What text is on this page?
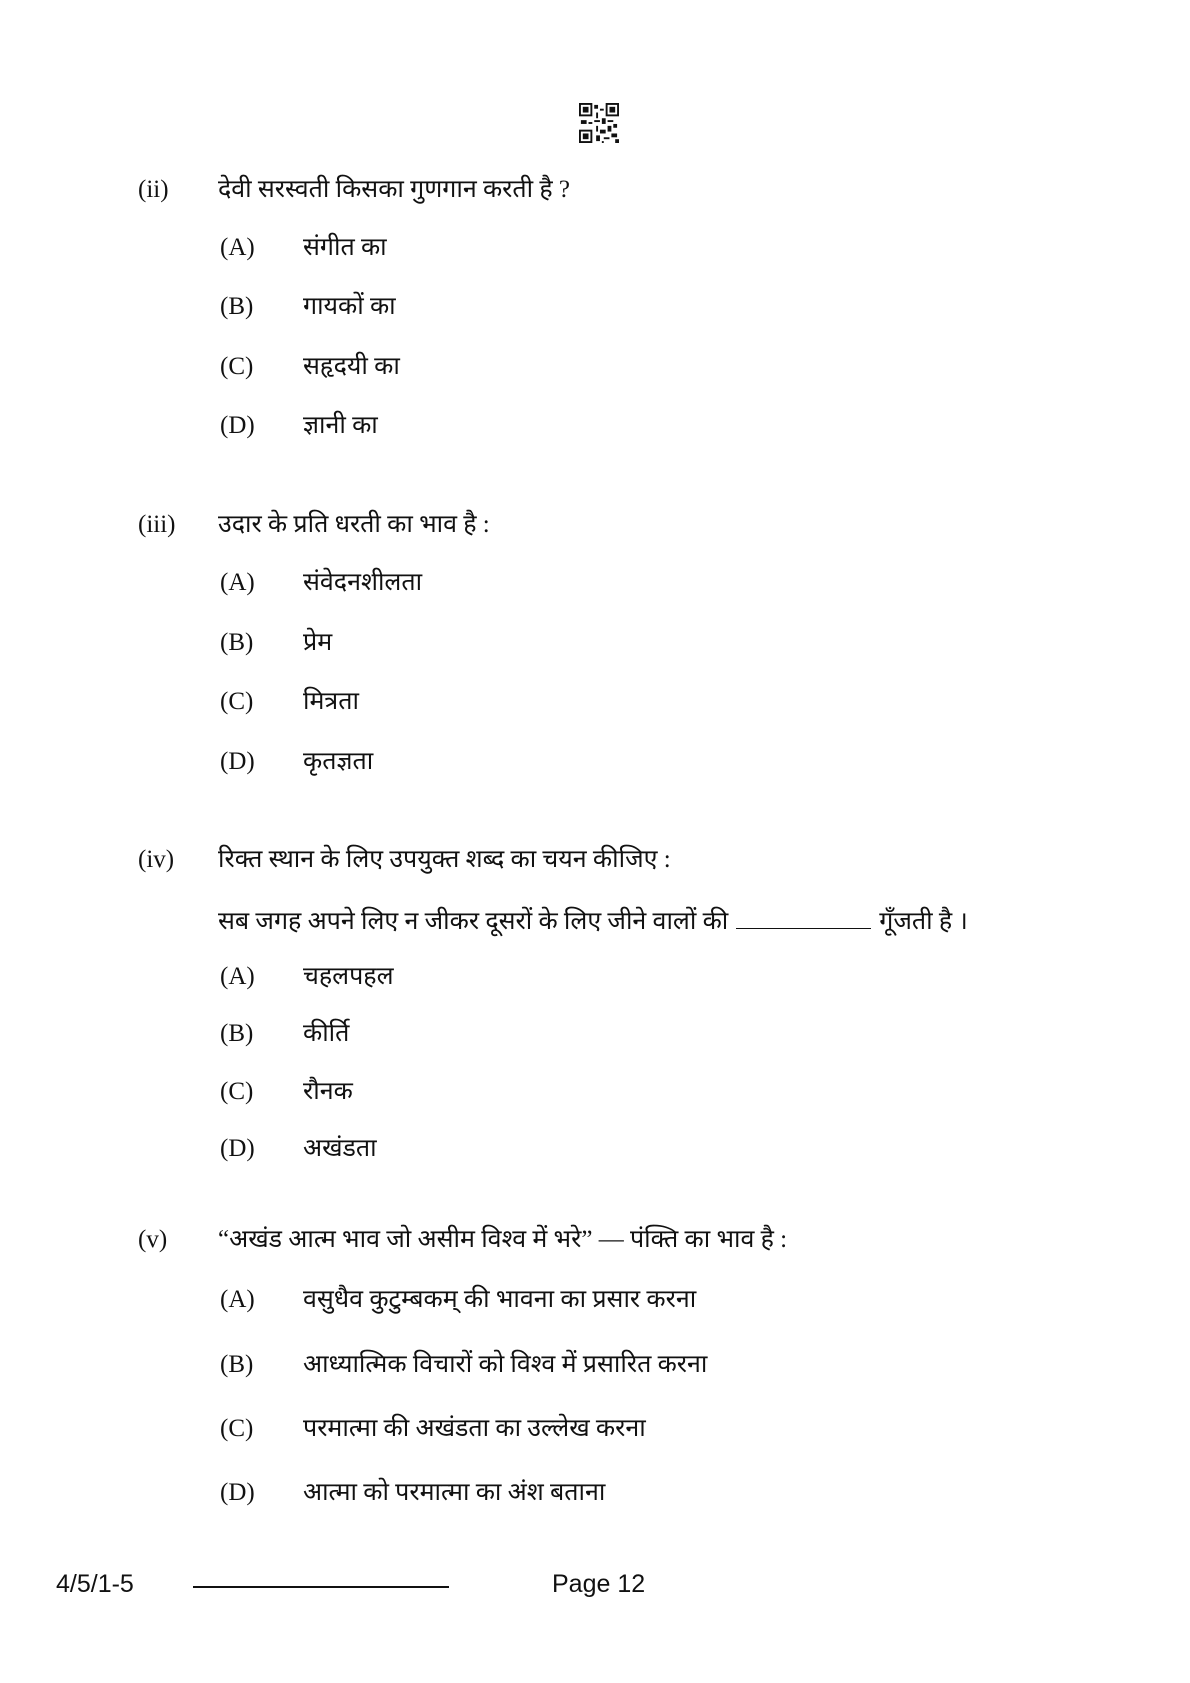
(ii) देवी सरस्वती किसका गुणगान करती है ?
(A) संगीत का
(B) गायकों का
(C) सहृदयी का
(D) ज्ञानी का
(iii) उदार के प्रति धरती का भाव है :
(A) संवेदनशीलता
(B) प्रेम
(C) मित्रता
(D) कृतज्ञता
(iv) रिक्त स्थान के लिए उपयुक्त शब्द का चयन कीजिए :
सब जगह अपने लिए न जीकर दूसरों के लिए जीने वालों की	गूँजती है ।
(A) चहलपहल
(B) कीर्ति
(C) रौनक
(D) अखंडता
(v) “अखंड आत्म भाव जो असीम विश्व में भरे” — पंक्ति का भाव है :
(A) वसुधैव कुटुम्बकम् की भावना का प्रसार करना
(B) आध्यात्मिक विचारों को विश्व में प्रसारित करना
(C) परमात्मा की अखंडता का उल्लेख करना
(D) आत्मा को परमात्मा का अंश बताना
4/5/1-5	Page 12
